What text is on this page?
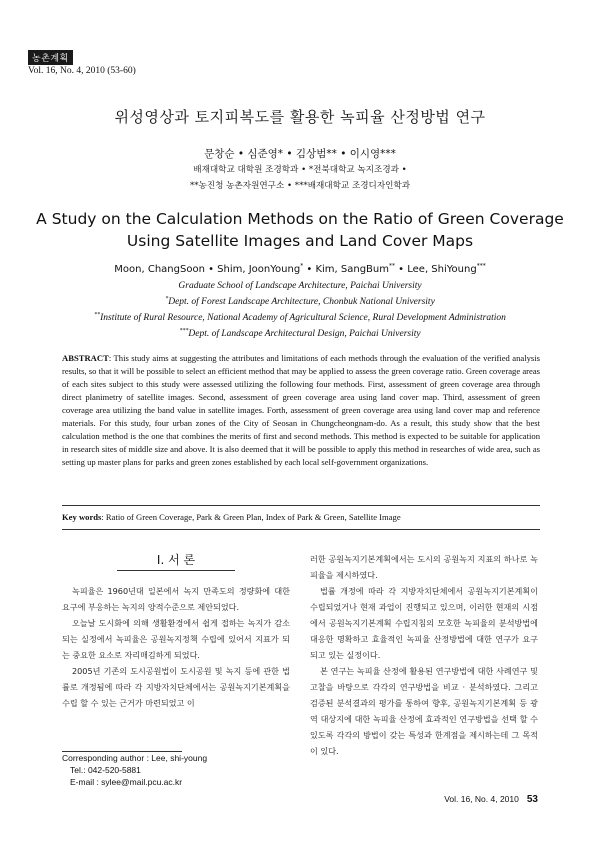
농촌계획
Vol. 16, No. 4, 2010 (53-60)
위성영상과 토지피복도를 활용한 녹피율 산정방법 연구
문창순 • 심준영* • 김상범** • 이시영***
배재대학교 대학원 조경학과 • *전북대학교 녹지조경과 •
**농진청 농촌자원연구소 • ***배재대학교 조경디자인학과
A Study on the Calculation Methods on the Ratio of Green Coverage
Using Satellite Images and Land Cover Maps
Moon, ChangSoon • Shim, JoonYoung* • Kim, SangBum** • Lee, ShiYoung***
Graduate School of Landscape Architecture, Paichai University
*Dept. of Forest Landscape Architecture, Chonbuk National University
**Institute of Rural Resource, National Academy of Agricultural Science, Rural Development Administration
***Dept. of Landscape Architectural Design, Paichai University

ABSTRACT: This study aims at suggesting the attributes and limitations of each methods through the evaluation of the verified analysis results, so that it will be possible to select an efficient method that may be applied to assess the green coverage ratio. Green coverage areas of each sites subject to this study were assessed utilizing the following four methods. First, assessment of green coverage area through direct planimetry of satellite images. Second, assessment of green coverage area using land cover map. Third, assessment of green coverage area utilizing the band value in satellite images. Forth, assessment of green coverage area using land cover map and reference materials. For this study, four urban zones of the City of Seosan in Chungcheongnam-do. As a result, this study show that the best calculation method is the one that combines the merits of first and second methods. This method is expected to be suitable for application in research sites of middle size and above. It is also deemed that it will be possible to apply this method in researches of wide area, such as setting up master plans for parks and green zones established by each local self-government organizations.

Key words: Ratio of Green Coverage, Park & Green Plan, Index of Park & Green, Satellite Image

I. 서 론

녹피율은 1960년대 일본에서 녹지 만족도의 정량화에 대한 요구에 부응하는 녹지의 양적수준으로 제안되었다.

오늘날 도시화에 의해 생활환경에서 쉽게 접하는 녹지가 감소되는 실정에서 녹피율은 공원녹지정책 수립에 있어서 지표가 되는 중요한 요소로 자리매김하게 되었다.

2005년 기존의 도시공원법이 도시공원 및 녹지 등에 관한 법률로 개정됨에 따라 각 지방자치단체에서는 공원녹지기본계획을 수립 할 수 있는 근거가 마련되었고 이

러한 공원녹지기본계획에서는 도시의 공원녹지 지표의 하나로 녹피율을 제시하였다.

법률 개정에 따라 각 지방자치단체에서 공원녹지기본계획이 수립되었거나 현재 과업이 진행되고 있으며, 이러한 현재의 시점에서 공원녹지기본계획 수립지침의 모호한 녹피율의 분석방법에 대응한 명확하고 효율적인 녹피율 산정방법에 대한 연구가 요구되고 있는 실정이다.

본 연구는 녹피율 산정에 활용된 연구방법에 대한 사례연구 및 고찰을 바탕으로 각각의 연구방법을 비교 · 분석하였다. 그리고 검증된 분석결과의 평가를 통하여 향후, 공원녹지기본계획 등 광역 대상지에 대한 녹피율 산정에 효과적인 연구방법을 선택 할 수 있도록 각각의 방법이 갖는 특성과 한계점을 제시하는데 그 목적이 있다.

Corresponding author : Lee, shi-young
Tel.: 042-520-5881
E-mail : sylee@mail.pcu.ac.kr
Vol. 16, No. 4, 2010 53
